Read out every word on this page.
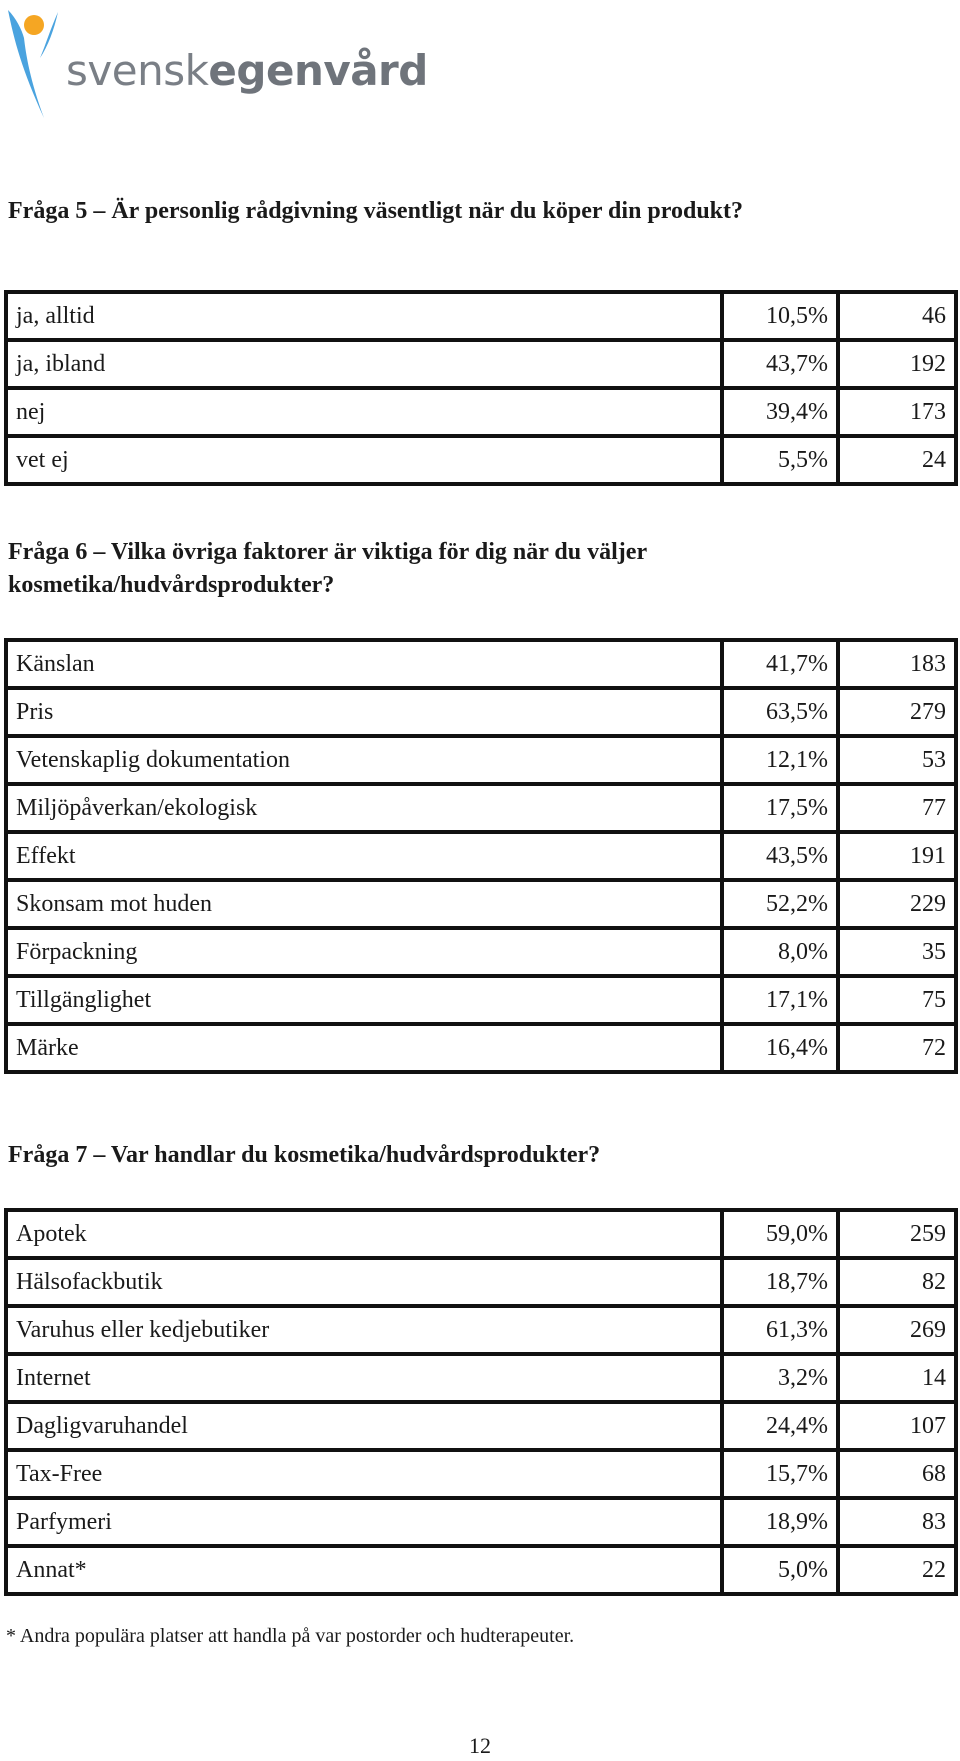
svenskegenvård
Fråga 5 – Är personlig rådgivning väsentligt när du köper din produkt?
ja, alltid	10,5%	46
ja, ibland	43,7%	192
nej	39,4%	173
vet ej	5,5%	24
Fråga 6 – Vilka övriga faktorer är viktiga för dig när du väljer kosmetika/hudvårdsprodukter?
Känslan	41,7%	183
Pris	63,5%	279
Vetenskaplig dokumentation	12,1%	53
Miljöpåverkan/ekologisk	17,5%	77
Effekt	43,5%	191
Skonsam mot huden	52,2%	229
Förpackning	8,0%	35
Tillgänglighet	17,1%	75
Märke	16,4%	72
Fråga 7 – Var handlar du kosmetika/hudvårdsprodukter?
Apotek	59,0%	259
Hälsofackbutik	18,7%	82
Varuhus eller kedjebutiker	61,3%	269
Internet	3,2%	14
Dagligvaruhandel	24,4%	107
Tax-Free	15,7%	68
Parfymeri	18,9%	83
Annat*	5,0%	22
* Andra populära platser att handla på var postorder och hudterapeuter.
12
